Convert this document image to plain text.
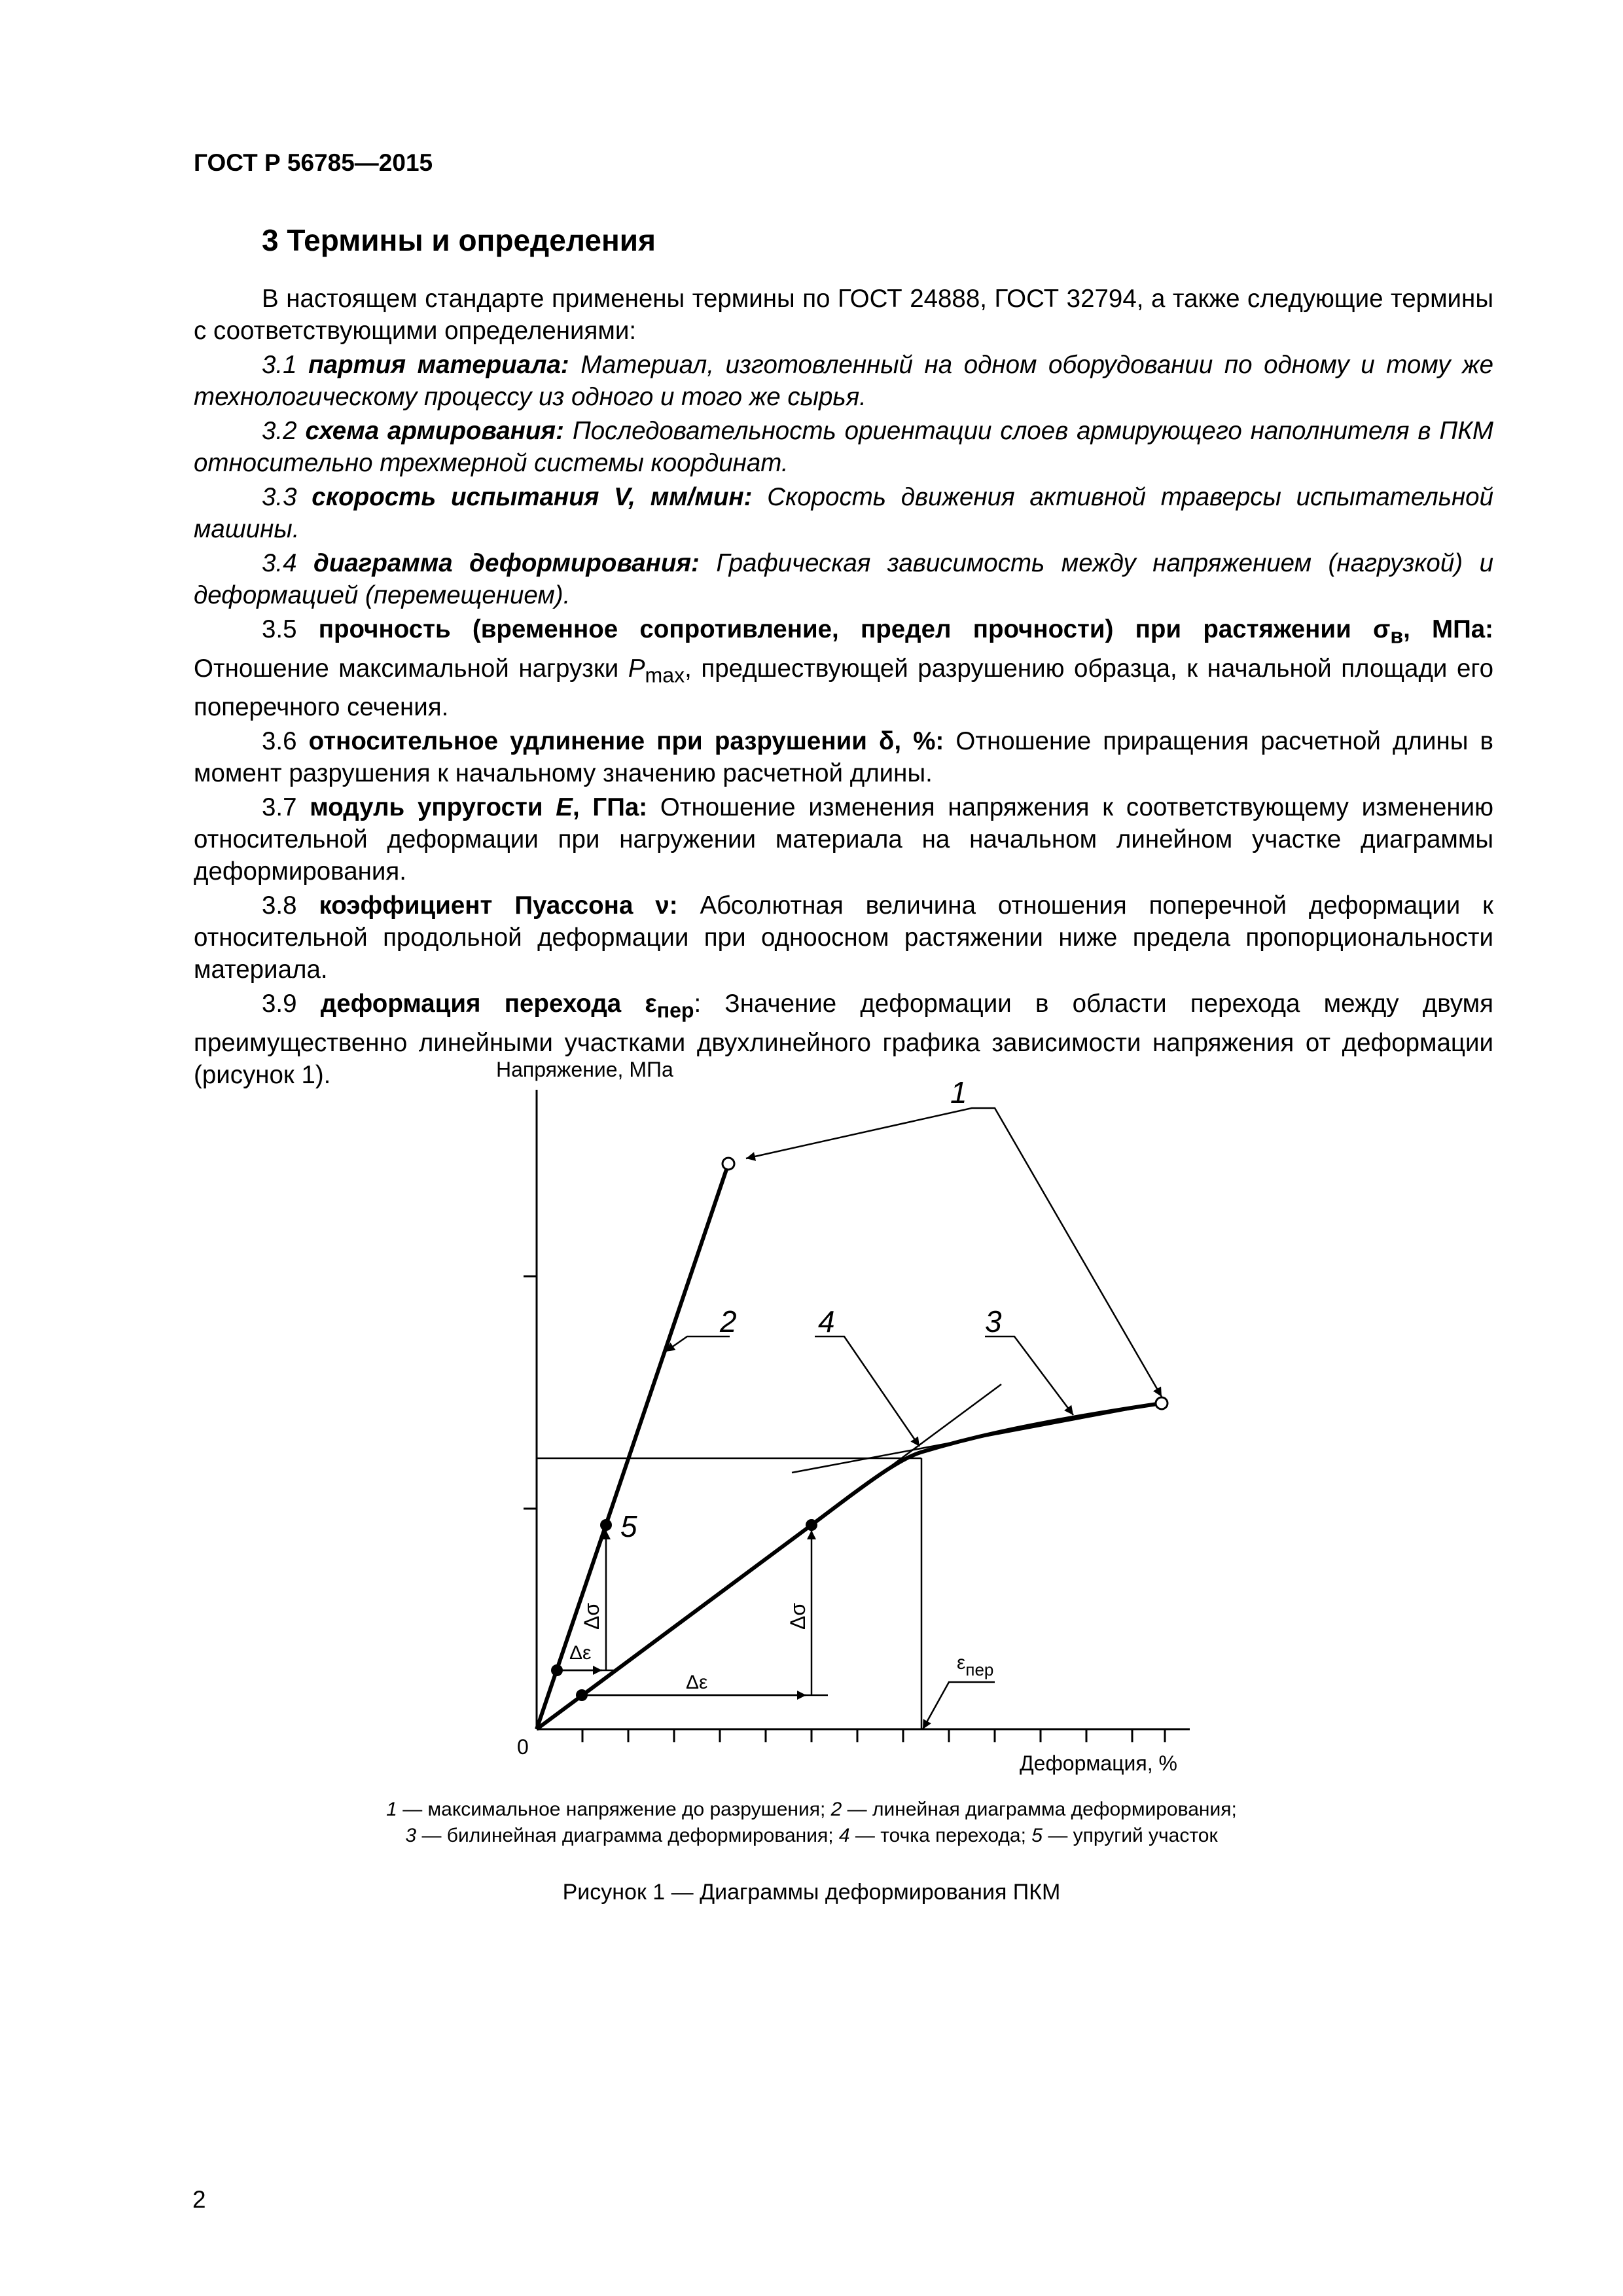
ГОСТ Р 56785—2015

3 Термины и определения

В настоящем стандарте применены термины по ГОСТ 24888, ГОСТ 32794, а также следующие термины с соответствующими определениями:

3.1 партия материала: Материал, изготовленный на одном оборудовании по одному и тому же технологическому процессу из одного и того же сырья.

3.2 схема армирования: Последовательность ориентации слоев армирующего наполнителя в ПКМ относительно трехмерной системы координат.

3.3 скорость испытания V, мм/мин: Скорость движения активной траверсы испытательной машины.

3.4 диаграмма деформирования: Графическая зависимость между напряжением (нагрузкой) и деформацией (перемещением).

3.5 прочность (временное сопротивление, предел прочности) при растяжении $\sigma_в$, МПа: Отношение максимальной нагрузки $P_{max}$, предшествующей разрушению образца, к начальной площади его поперечного сечения.

3.6 относительное удлинение при разрушении δ, %: Отношение приращения расчетной длины в момент разрушения к начальному значению расчетной длины.

3.7 модуль упругости E, ГПа: Отношение изменения напряжения к соответствующему изменению относительной деформации при нагружении материала на начальном линейном участке диаграммы деформирования.

3.8 коэффициент Пуассона ν: Абсолютная величина отношения поперечной деформации к относительной продольной деформации при одноосном растяжении ниже предела пропорциональности материала.

3.9 деформация перехода $\varepsilon_{пер}$: Значение деформации в области перехода между двумя преимущественно линейными участками двухлинейного графика зависимости напряжения от деформации (рисунок 1).	Напряжение, МПа
Деформация, %
0
1
2	4	3
5
Δσ
Δε
Δσ
Δε
εпер

1 — максимальное напряжение до разрушения; 2 — линейная диаграмма деформирования;

3 — билинейная диаграмма деформирования; 4 — точка перехода; 5 — упругий участок

Рисунок 1 — Диаграммы деформирования ПКМ

2
